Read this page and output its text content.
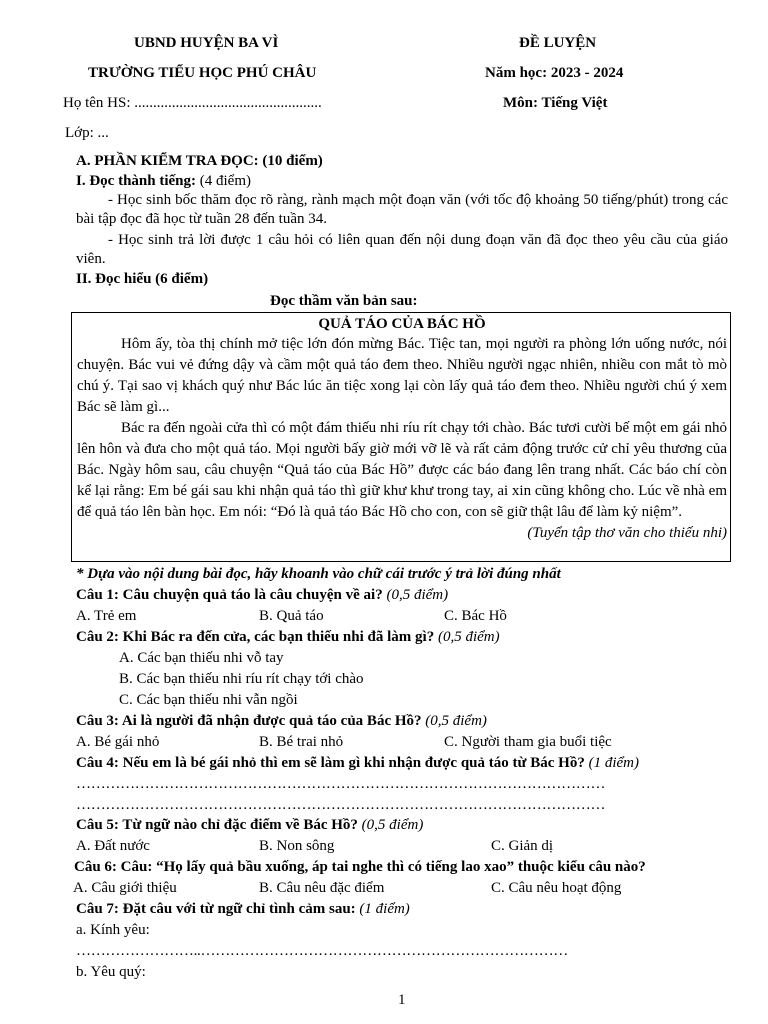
UBND HUYỆN BA VÌ
TRƯỜNG TIỂU HỌC PHÚ CHÂU
Họ tên HS: ..................................................
Lớp: ...
ĐỀ LUYỆN
Năm học: 2023 - 2024
Môn: Tiếng Việt
A. PHẦN KIỂM TRA ĐỌC: (10 điểm)
I. Đọc thành tiếng: (4 điểm)

- Học sinh bốc thăm đọc rõ ràng, rành mạch một đoạn văn (với tốc độ khoảng 50 tiếng/phút) trong các bài tập đọc đã học từ tuần 28 đến tuần 34.

- Học sinh trả lời được 1 câu hỏi có liên quan đến nội dung đoạn văn đã đọc theo yêu cầu của giáo viên.

II. Đọc hiểu (6 điểm)
Đọc thầm văn bản sau:

QUẢ TÁO CỦA BÁC HỒ

Hôm ấy, tòa thị chính mở tiệc lớn đón mừng Bác. Tiệc tan, mọi người ra phòng lớn uống nước, nói chuyện. Bác vui vẻ đứng dậy và cầm một quả táo đem theo. Nhiều người ngạc nhiên, nhiều con mắt tò mò chú ý. Tại sao vị khách quý như Bác lúc ăn tiệc xong lại còn lấy quả táo đem theo. Nhiều người chú ý xem Bác sẽ làm gì...

Bác ra đến ngoài cửa thì có một đám thiếu nhi ríu rít chạy tới chào. Bác tươi cười bế một em gái nhỏ lên hôn và đưa cho một quả táo. Mọi người bấy giờ mới vỡ lẽ và rất cảm động trước cử chỉ yêu thương của Bác. Ngày hôm sau, câu chuyện “Quả táo của Bác Hồ” được các báo đang lên trang nhất. Các báo chí còn kể lại rằng: Em bé gái sau khi nhận quả táo thì giữ khư khư trong tay, ai xin cũng không cho. Lúc về nhà em để quả táo lên bàn học. Em nói: “Đó là quả táo Bác Hồ cho con, con sẽ giữ thật lâu để làm kỷ niệm”.

(Tuyển tập thơ văn cho thiếu nhi)

* Dựa vào nội dung bài đọc, hãy khoanh vào chữ cái trước ý trả lời đúng nhất
Câu 1: Câu chuyện quả táo là câu chuyện về ai? (0,5 điểm)
A. Trẻ em	B. Quả táo	C. Bác Hồ
Câu 2: Khi Bác ra đến cửa, các bạn thiếu nhi đã làm gì? (0,5 điểm)
A. Các bạn thiếu nhi vỗ tay
B. Các bạn thiếu nhi ríu rít chạy tới chào
C. Các bạn thiếu nhi vẫn ngồi
Câu 3: Ai là người đã nhận được quả táo của Bác Hồ? (0,5 điểm)
A. Bé gái nhỏ	B. Bé trai nhỏ	C. Người tham gia buổi tiệc
Câu 4: Nếu em là bé gái nhỏ thì em sẽ làm gì khi nhận được quả táo từ Bác Hồ? (1 điểm)
………………………………………………………………………………………………
………………………………………………………………………………………………
Câu 5: Từ ngữ nào chỉ đặc điểm về Bác Hồ? (0,5 điểm)
A. Đất nước	B. Non sông	C. Giản dị
Câu 6: Câu: “Họ lấy quả bầu xuống, áp tai nghe thì có tiếng lao xao” thuộc kiểu câu nào?
A. Câu giới thiệu	B. Câu nêu đặc điểm	C. Câu nêu hoạt động
Câu 7: Đặt câu với từ ngữ chỉ tình cảm sau: (1 điểm)
a. Kính yêu:
……………………..…………………………………………………………………
b. Yêu quý:
1
